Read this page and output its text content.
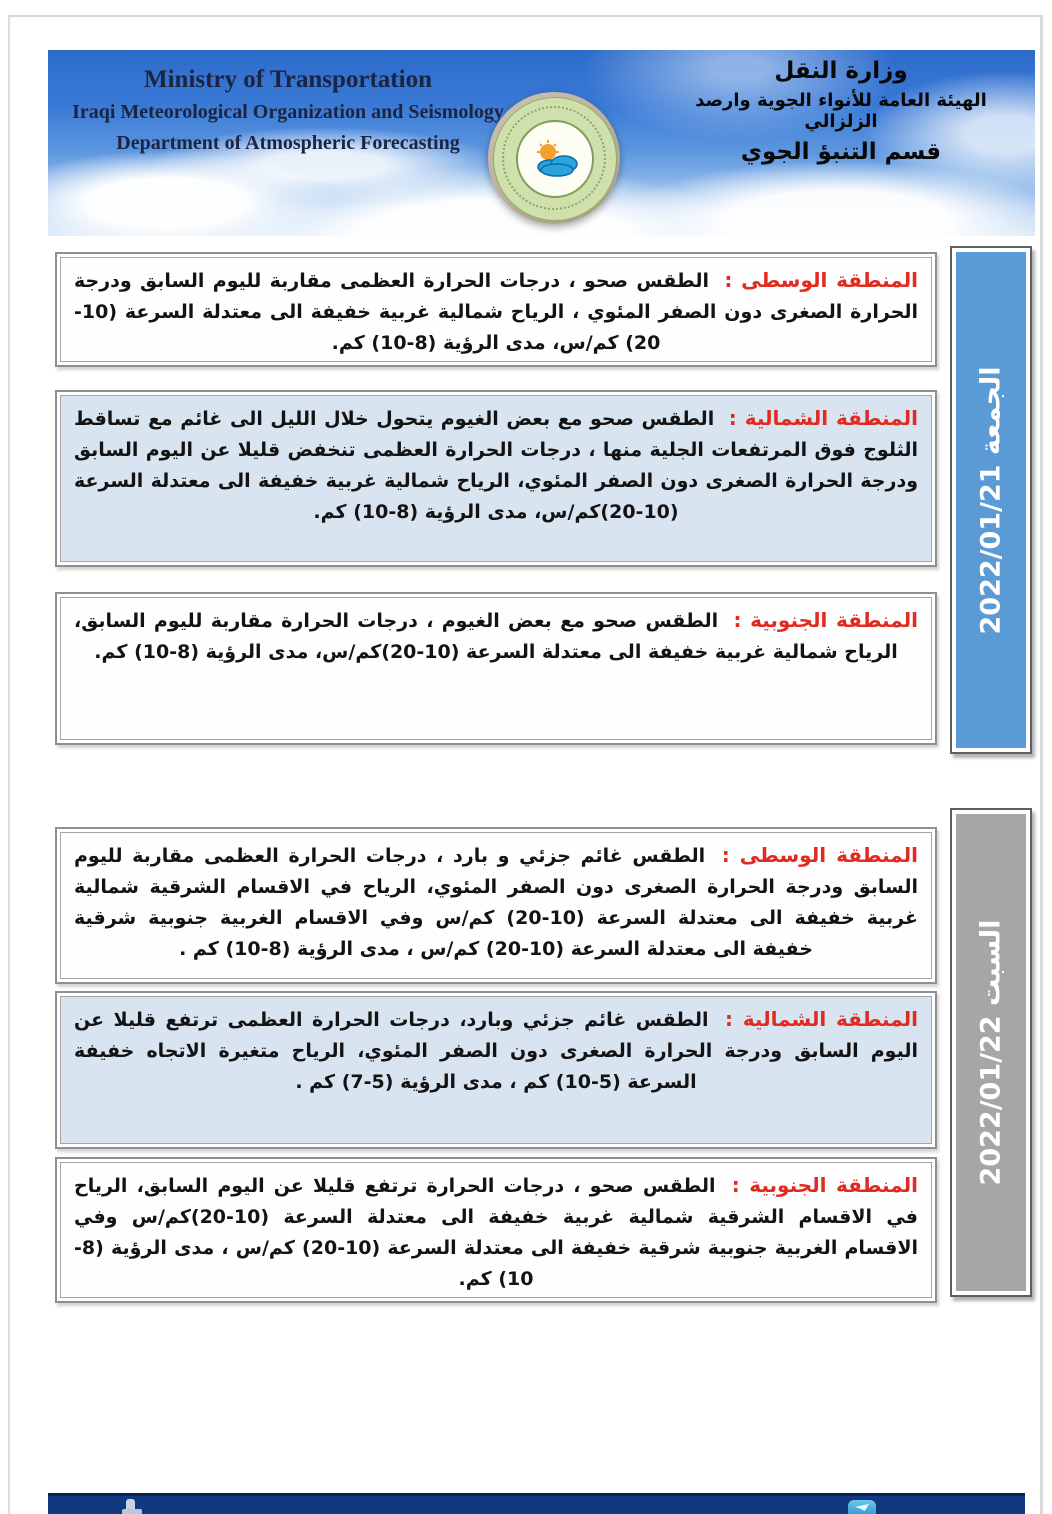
Ministry of Transportation
Iraqi Meteorological Organization and Seismology
Department of Atmospheric Forecasting
وزارة النقل
الهيئة العامة للأنواء الجوية وارصد الزلزالي
قسم التنبؤ الجوي

المنطقة الوسطى : الطقس صحو ، درجات الحرارة العظمى مقاربة لليوم السابق ودرجة الحرارة الصغرى دون الصفر المئوي ، الرياح شمالية غربية خفيفة الى معتدلة السرعة (10-20) كم/س، مدى الرؤية (8-10) كم.

المنطقة الشمالية : الطقس صحو مع بعض الغيوم يتحول خلال الليل الى غائم مع تساقط الثلوج فوق المرتفعات الجلية منها ، درجات الحرارة العظمى تنخفض قليلا عن اليوم السابق ودرجة الحرارة الصغرى دون الصفر المئوي، الرياح شمالية غربية خفيفة الى معتدلة السرعة (10-20)كم/س، مدى الرؤية (8-10) كم.

المنطقة الجنوبية : الطقس صحو مع بعض الغيوم ، درجات الحرارة مقاربة لليوم السابق، الرياح شمالية غربية خفيفة الى معتدلة السرعة (10-20)كم/س، مدى الرؤية (8-10) كم.

المنطقة الوسطى : الطقس غائم جزئي و بارد ، درجات الحرارة العظمى مقاربة لليوم السابق ودرجة الحرارة الصغرى دون الصفر المئوي، الرياح في الاقسام الشرقية شمالية غربية خفيفة الى معتدلة السرعة (10-20) كم/س وفي الاقسام الغربية جنوبية شرقية خفيفة الى معتدلة السرعة (10-20) كم/س ، مدى الرؤية (8-10) كم .

المنطقة الشمالية : الطقس غائم جزئي وبارد، درجات الحرارة العظمى ترتفع قليلا عن اليوم السابق ودرجة الحرارة الصغرى دون الصفر المئوي، الرياح متغيرة الاتجاه خفيفة السرعة (5-10) كم ، مدى الرؤية (5-7) كم .

المنطقة الجنوبية : الطقس صحو ، درجات الحرارة ترتفع قليلا عن اليوم السابق، الرياح في الاقسام الشرقية شمالية غربية خفيفة الى معتدلة السرعة (10-20)كم/س وفي الاقسام الغربية جنوبية شرقية خفيفة الى معتدلة السرعة (10-20) كم/س ، مدى الرؤية (8-10) كم.

الجمعة 2022/01/21
السبت 2022/01/22
